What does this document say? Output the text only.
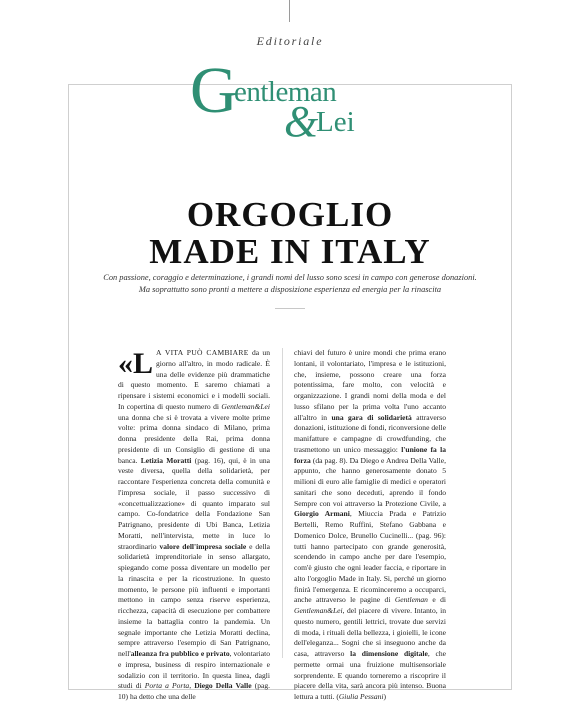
Editoriale
G
entleman
&
Lei
ORGOGLIO
MADE IN ITALY

Con passione, coraggio e determinazione, i grandi nomi del lusso sono scesi in campo con generose donazioni. Ma soprattutto sono pronti a mettere a disposizione esperienza ed energia per la rinascita

«L A VITA PUÒ CAMBIARE da un giorno all'altro, in modo radicale. È una delle evidenze più drammatiche di questo momento. E saremo chiamati a ripensare i sistemi economici e i modelli sociali. In copertina di questo numero di Gentleman&Lei una donna che si è trovata a vivere molte prime volte: prima donna sindaco di Milano, prima donna presidente della Rai, prima donna presidente di un Consiglio di gestione di una banca. Letizia Moratti (pag. 16), qui, è in una veste diversa, quella della solidarietà, per raccontare l'esperienza concreta della comunità e l'impresa sociale, il passo successivo di «concettualizzazione» di quanto imparato sul campo. Co-fondatrice della Fondazione San Patrignano, presidente di Ubi Banca, Letizia Moratti, nell'intervista, mette in luce lo straordinario valore dell'impresa sociale e della solidarietà imprenditoriale in senso allargato, spiegando come possa diventare un modello per la rinascita e per la ricostruzione. In questo momento, le persone più influenti e importanti mettono in campo senza riserve esperienza, ricchezza, capacità di esecuzione per combattere insieme la battaglia contro la pandemia. Un segnale importante che Letizia Moratti declina, sempre attraverso l'esempio di San Patrignano, nell'alleanza fra pubblico e privato, volontariato e impresa, business di respiro internazionale e sodalizio con il territorio. In questa linea, dagli studi di Porta a Porta, Diego Della Valle (pag. 10) ha detto che una delle

chiavi del futuro è unire mondi che prima erano lontani, il volontariato, l'impresa e le istituzioni, che, insieme, possono creare una forza potentissima, fare molto, con velocità e organizzazione. I grandi nomi della moda e del lusso sfilano per la prima volta l'uno accanto all'altro in una gara di solidarietà attraverso donazioni, istituzione di fondi, riconversione delle manifatture e campagne di crowdfunding, che trasmettono un unico messaggio: l'unione fa la forza (da pag. 8). Da Diego e Andrea Della Valle, appunto, che hanno generosamente donato 5 milioni di euro alle famiglie di medici e operatori sanitari che sono deceduti, aprendo il fondo Sempre con voi attraverso la Protezione Civile, a Giorgio Armani, Miuccia Prada e Patrizio Bertelli, Remo Ruffini, Stefano Gabbana e Domenico Dolce, Brunello Cucinelli... (pag. 96): tutti hanno partecipato con grande generosità, scendendo in campo anche per dare l'esempio, com'è giusto che ogni leader faccia, e riportare in alto l'orgoglio Made in Italy. Si, perché un giorno finirà l'emergenza. E ricominceremo a occuparci, anche attraverso le pagine di Gentleman e di Gentleman&Lei, del piacere di vivere. Intanto, in questo numero, gentili lettrici, trovate due servizi di moda, i rituali della bellezza, i gioielli, le icone dell'eleganza... Sogni che si inseguono anche da casa, attraverso la dimensione digitale, che permette ormai una fruizione multisensoriale sorprendente. E quando torneremo a riscoprire il piacere della vita, sarà ancora più intenso. Buona lettura a tutti. (Giulia Pessani)
